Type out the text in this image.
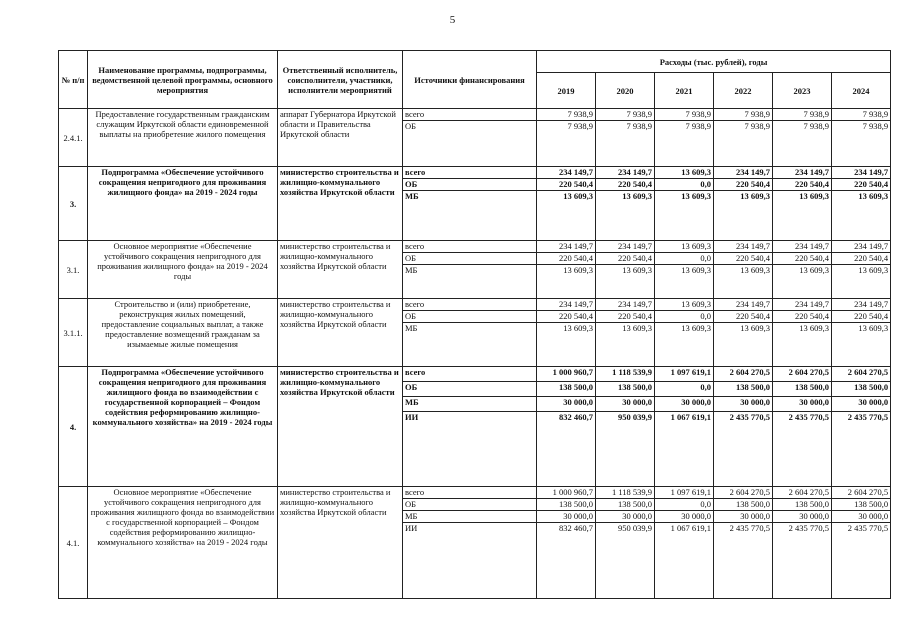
5
№ п/п	Наименование программы, подпрограммы, ведомственной целевой программы, основного мероприятия	Ответственный исполнитель, соисполнители, участники, исполнители мероприятий	Источники финансирования	Расходы (тыс. рублей), годы					
				2019	2020	2021	2022	2023	2024
2.4.1.	Предоставление государственным гражданским служащим Иркутской области единовременной выплаты на приобретение жилого помещения	аппарат Губернатора Иркутской области и Правительства Иркутской области	всего	7 938,9	7 938,9	7 938,9	7 938,9	7 938,9	7 938,9
			ОБ	7 938,9	7 938,9	7 938,9	7 938,9	7 938,9	7 938,9
3.	Подпрограмма «Обеспечение устойчивого сокращения непригодного для проживания жилищного фонда» на 2019 - 2024 годы	министерство строительства и жилищно-коммунального хозяйства Иркутской области	всего	234 149,7	234 149,7	13 609,3	234 149,7	234 149,7	234 149,7
			ОБ	220 540,4	220 540,4	0,0	220 540,4	220 540,4	220 540,4
			МБ	13 609,3	13 609,3	13 609,3	13 609,3	13 609,3	13 609,3
3.1.	Основное мероприятие «Обеспечение устойчивого сокращения непригодного для проживания жилищного фонда» на 2019 - 2024 годы	министерство строительства и жилищно-коммунального хозяйства Иркутской области	всего	234 149,7	234 149,7	13 609,3	234 149,7	234 149,7	234 149,7
			ОБ	220 540,4	220 540,4	0,0	220 540,4	220 540,4	220 540,4
			МБ	13 609,3	13 609,3	13 609,3	13 609,3	13 609,3	13 609,3
3.1.1.	Строительство и (или) приобретение, реконструкция жилых помещений, предоставление социальных выплат, а также предоставление возмещений гражданам за изымаемые жилые помещения	министерство строительства и жилищно-коммунального хозяйства Иркутской области	всего	234 149,7	234 149,7	13 609,3	234 149,7	234 149,7	234 149,7
			ОБ	220 540,4	220 540,4	0,0	220 540,4	220 540,4	220 540,4
			МБ	13 609,3	13 609,3	13 609,3	13 609,3	13 609,3	13 609,3
4.	Подпрограмма «Обеспечение устойчивого сокращения непригодного для проживания жилищного фонда во взаимодействии с государственной корпорацией – Фондом содействия реформированию жилищно-коммунального хозяйства» на 2019 - 2024 годы	министерство строительства и жилищно-коммунального хозяйства Иркутской области	всего	1 000 960,7	1 118 539,9	1 097 619,1	2 604 270,5	2 604 270,5	2 604 270,5
			ОБ	138 500,0	138 500,0	0,0	138 500,0	138 500,0	138 500,0
			МБ	30 000,0	30 000,0	30 000,0	30 000,0	30 000,0	30 000,0
			ИИ	832 460,7	950 039,9	1 067 619,1	2 435 770,5	2 435 770,5	2 435 770,5
4.1.	Основное мероприятие «Обеспечение устойчивого сокращения непригодного для проживания жилищного фонда во взаимодействии с государственной корпорацией – Фондом содействия реформированию жилищно-коммунального хозяйства» на 2019 - 2024 годы	министерство строительства и жилищно-коммунального хозяйства Иркутской области	всего	1 000 960,7	1 118 539,9	1 097 619,1	2 604 270,5	2 604 270,5	2 604 270,5
			ОБ	138 500,0	138 500,0	0,0	138 500,0	138 500,0	138 500,0
			МБ	30 000,0	30 000,0	30 000,0	30 000,0	30 000,0	30 000,0
			ИИ	832 460,7	950 039,9	1 067 619,1	2 435 770,5	2 435 770,5	2 435 770,5
